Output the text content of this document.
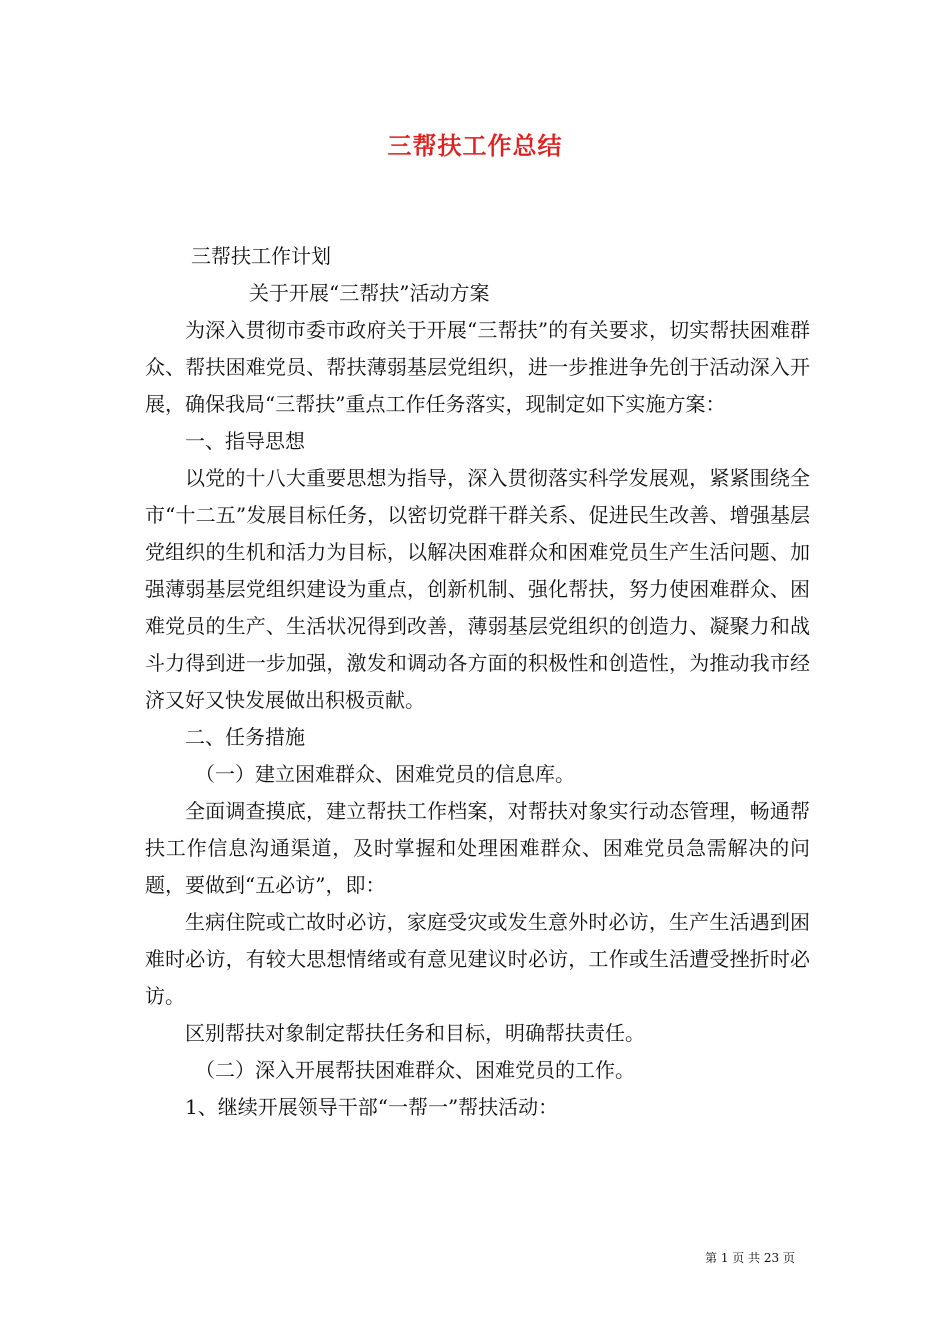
三帮扶工作总结

三帮扶工作计划

关于开展“三帮扶”活动方案

为深入贯彻市委市政府关于开展“三帮扶”的有关要求，切实帮扶困难群众、帮扶困难党员、帮扶薄弱基层党组织，进一步推进争先创于活动深入开展，确保我局“三帮扶”重点工作任务落实，现制定如下实施方案：

一、指导思想

以党的十八大重要思想为指导，深入贯彻落实科学发展观，紧紧围绕全市“十二五”发展目标任务，以密切党群干群关系、促进民生改善、增强基层党组织的生机和活力为目标，以解决困难群众和困难党员生产生活问题、加强薄弱基层党组织建设为重点，创新机制、强化帮扶，努力使困难群众、困难党员的生产、生活状况得到改善，薄弱基层党组织的创造力、凝聚力和战斗力得到进一步加强，激发和调动各方面的积极性和创造性，为推动我市经济又好又快发展做出积极贡献。

二、任务措施

（一）建立困难群众、困难党员的信息库。

全面调查摸底，建立帮扶工作档案，对帮扶对象实行动态管理，畅通帮扶工作信息沟通渠道，及时掌握和处理困难群众、困难党员急需解决的问题，要做到“五必访”，即：

生病住院或亡故时必访，家庭受灾或发生意外时必访，生产生活遇到困难时必访，有较大思想情绪或有意见建议时必访，工作或生活遭受挫折时必访。

区别帮扶对象制定帮扶任务和目标，明确帮扶责任。

（二）深入开展帮扶困难群众、困难党员的工作。

1、继续开展领导干部“一帮一”帮扶活动：

第 1 页 共 23 页
